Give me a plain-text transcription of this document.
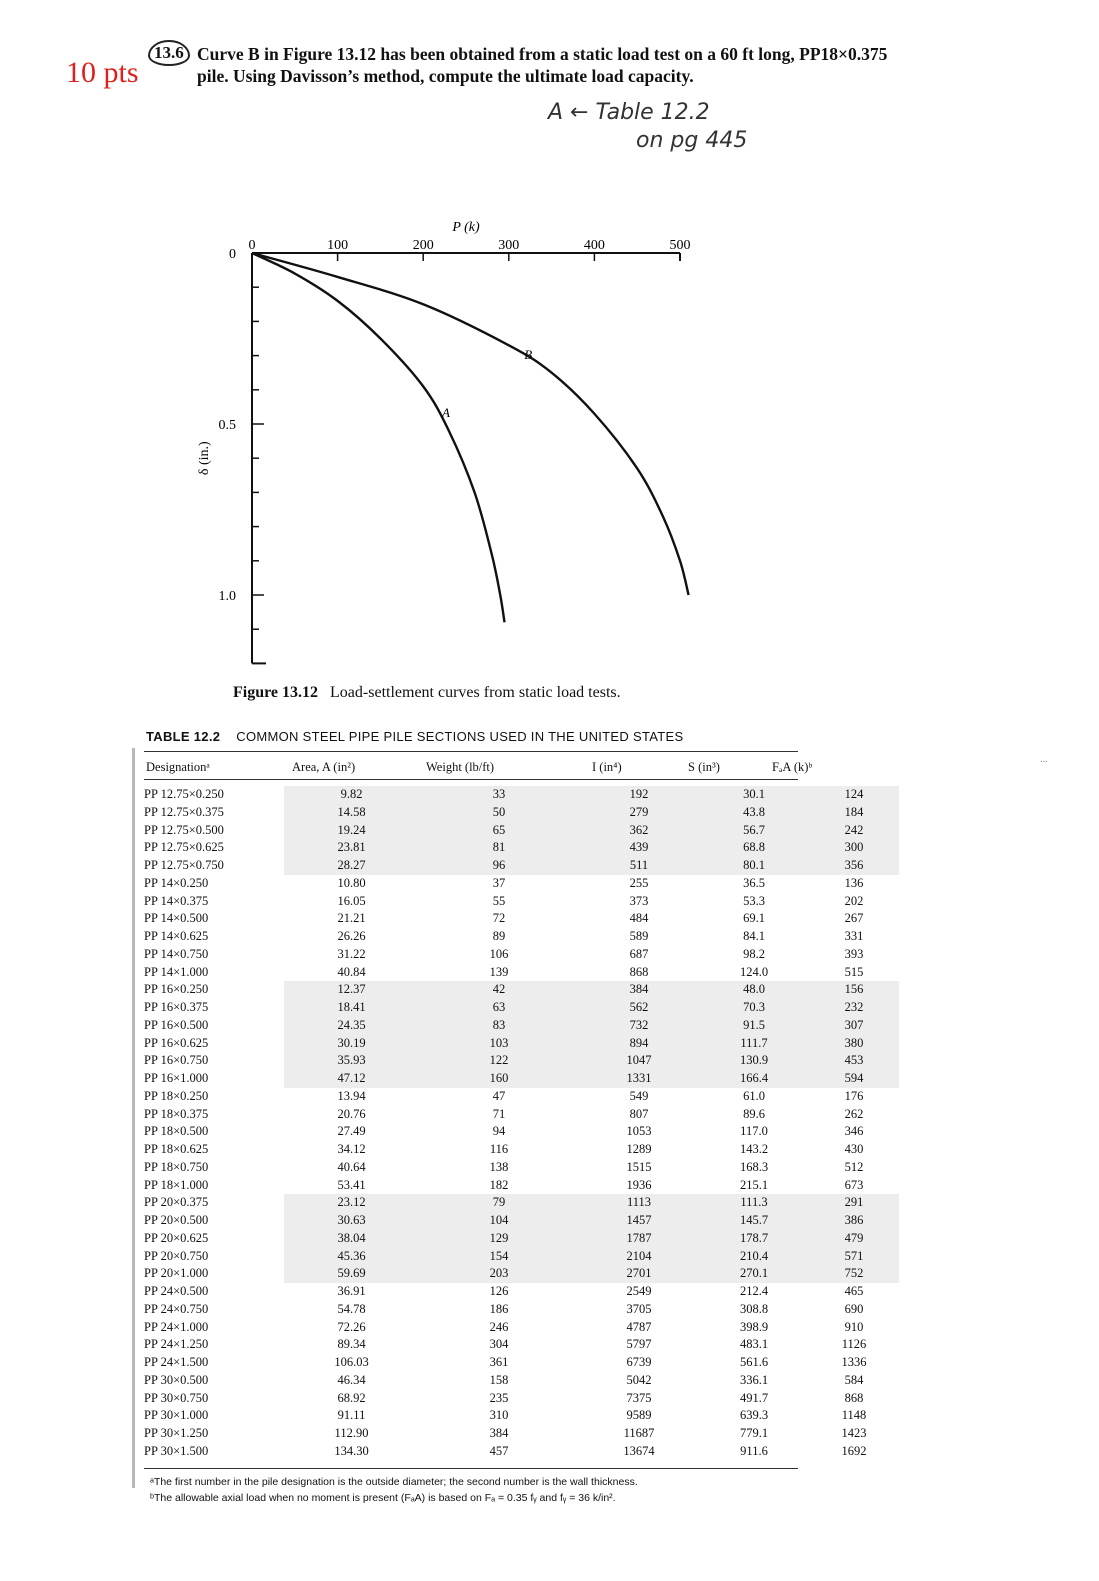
10 pts
13.6 Curve B in Figure 13.12 has been obtained from a static load test on a 60 ft long, PP18×0.375
pile. Using Davisson’s method, compute the ultimate load capacity.
A ← Table 12.2
on pg 445
0	100	200	300	400	500
0
0.5
1.0
P (k)
δ (in.)
A
B
Figure 13.12 Load-settlement curves from static load tests.
TABLE 12.2 COMMON STEEL PIPE PILE SECTIONS USED IN THE UNITED STATES
Designationᵃ	Area, A (in²)	Weight (lb/ft)	I (in⁴)	S (in³)	FₐA (k)ᵇ
PP 12.75×0.250	9.82	33	192	30.1	124
PP 12.75×0.375	14.58	50	279	43.8	184
PP 12.75×0.500	19.24	65	362	56.7	242
PP 12.75×0.625	23.81	81	439	68.8	300
PP 12.75×0.750	28.27	96	511	80.1	356
PP 14×0.250	10.80	37	255	36.5	136
PP 14×0.375	16.05	55	373	53.3	202
PP 14×0.500	21.21	72	484	69.1	267
PP 14×0.625	26.26	89	589	84.1	331
PP 14×0.750	31.22	106	687	98.2	393
PP 14×1.000	40.84	139	868	124.0	515
PP 16×0.250	12.37	42	384	48.0	156
PP 16×0.375	18.41	63	562	70.3	232
PP 16×0.500	24.35	83	732	91.5	307
PP 16×0.625	30.19	103	894	111.7	380
PP 16×0.750	35.93	122	1047	130.9	453
PP 16×1.000	47.12	160	1331	166.4	594
PP 18×0.250	13.94	47	549	61.0	176
PP 18×0.375	20.76	71	807	89.6	262
PP 18×0.500	27.49	94	1053	117.0	346
PP 18×0.625	34.12	116	1289	143.2	430
PP 18×0.750	40.64	138	1515	168.3	512
PP 18×1.000	53.41	182	1936	215.1	673
PP 20×0.375	23.12	79	1113	111.3	291
PP 20×0.500	30.63	104	1457	145.7	386
PP 20×0.625	38.04	129	1787	178.7	479
PP 20×0.750	45.36	154	2104	210.4	571
PP 20×1.000	59.69	203	2701	270.1	752
PP 24×0.500	36.91	126	2549	212.4	465
PP 24×0.750	54.78	186	3705	308.8	690
PP 24×1.000	72.26	246	4787	398.9	910
PP 24×1.250	89.34	304	5797	483.1	1126
PP 24×1.500	106.03	361	6739	561.6	1336
PP 30×0.500	46.34	158	5042	336.1	584
PP 30×0.750	68.92	235	7375	491.7	868
PP 30×1.000	91.11	310	9589	639.3	1148
PP 30×1.250	112.90	384	11687	779.1	1423
PP 30×1.500	134.30	457	13674	911.6	1692
ᵃThe first number in the pile designation is the outside diameter; the second number is the wall thickness.
ᵇThe allowable axial load when no moment is present (FₐA) is based on Fₐ = 0.35 fᵧ and fᵧ = 36 k/in².
...
